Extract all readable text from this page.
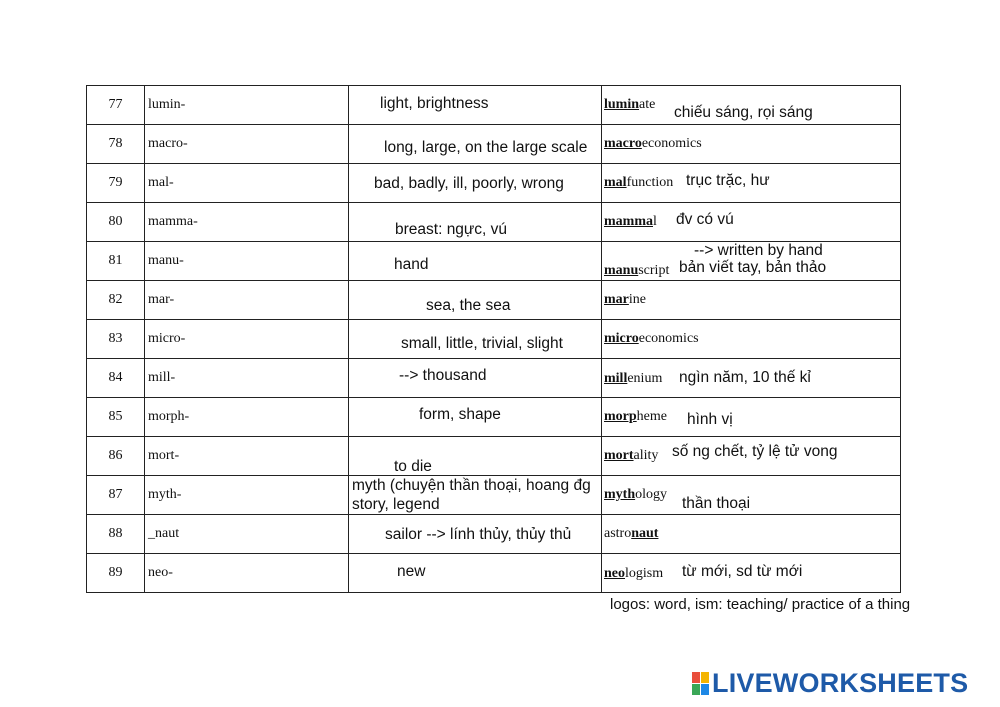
77	lumin-	light, brightness	luminate chiếu sáng, rọi sáng

78	macro-	long, large, on the large scale	macroeconomics

79	mal-	bad, badly, ill, poorly, wrong	malfunction trục trặc, hư

80	mamma-	breast: ngực, vú	mammal đv có vú

81	manu-	hand	--> written by hand
manuscript bản viết tay, bản thảo

82	mar-	sea, the sea	marine

83	micro-	small, little, trivial, slight	microeconomics

84	mill-	--> thousand	millenium ngìn năm, 10 thế kỉ

85	morph-	form, shape	morpheme hình vị

86	mort-	to die	mortality số ng chết, tỷ lệ tử vong

87	myth-	myth (chuyện thần thoại, hoang đg
story, legend	mythology
thần thoại

88	_naut	sailor --> lính thủy, thủy thủ	astronaut

89	neo-	new	neologism từ mới, sd từ mới
logos: word, ism: teaching/ practice of a thing
LIVEWORKSHEETS
